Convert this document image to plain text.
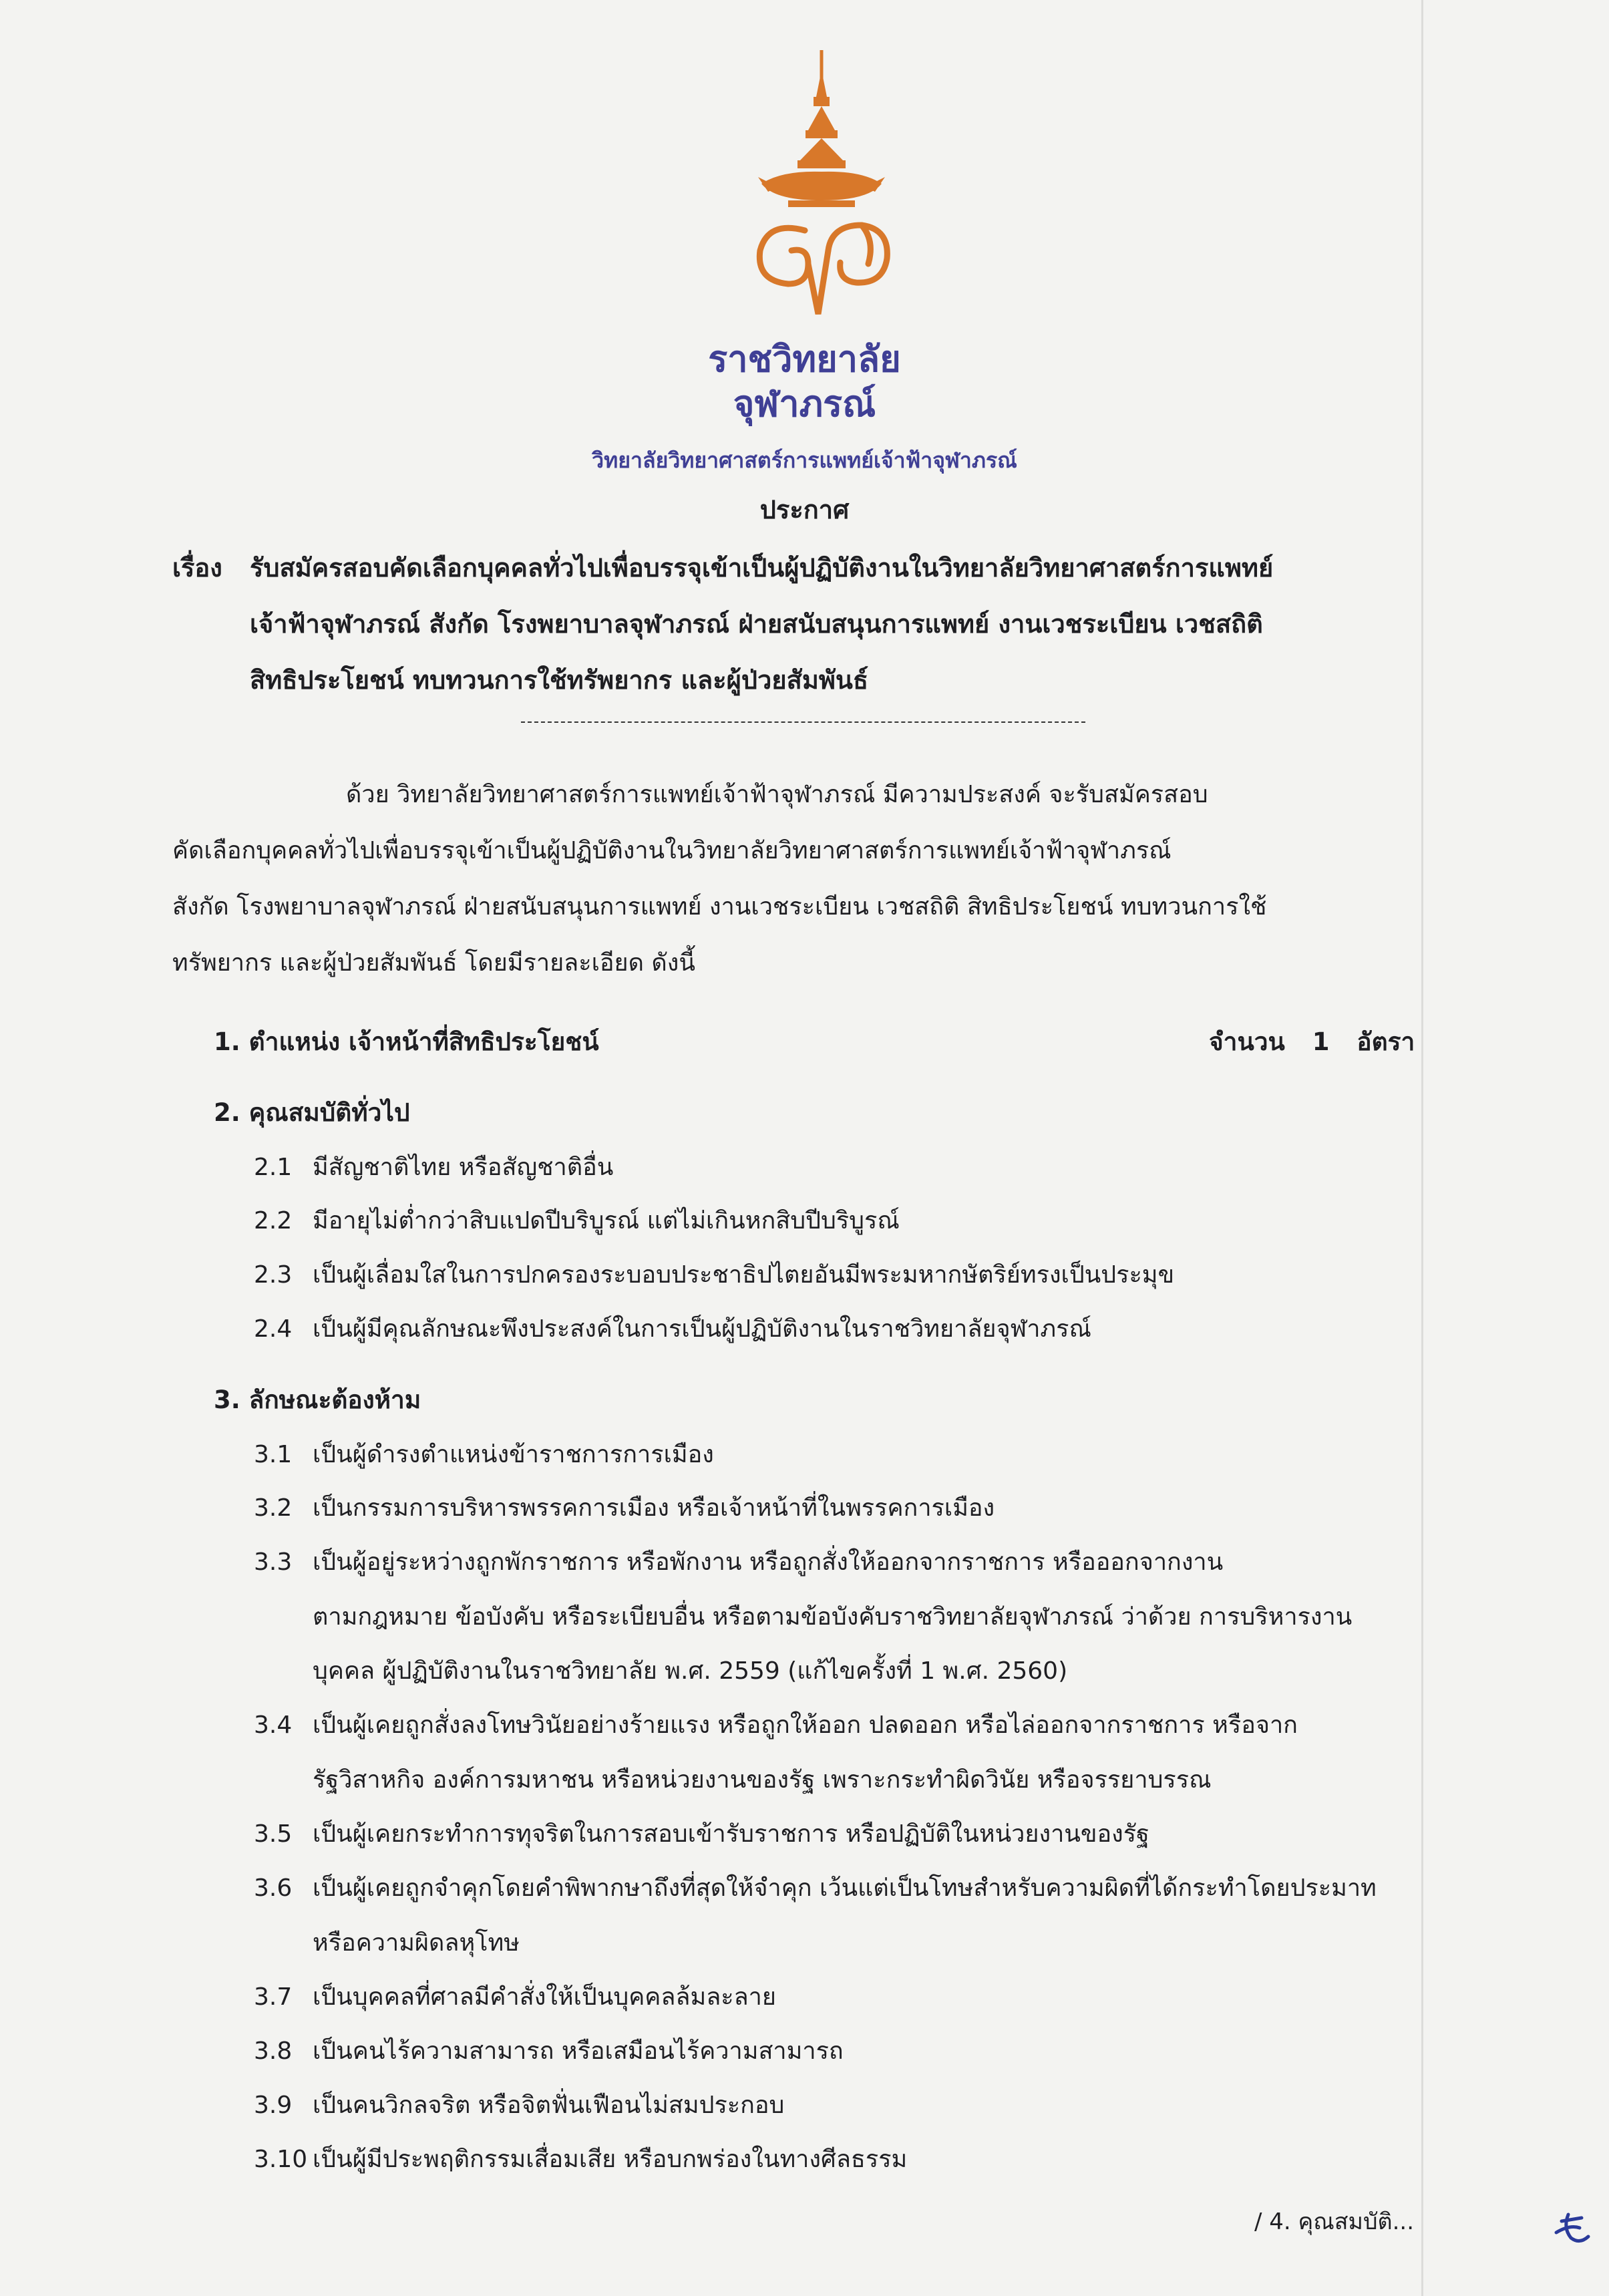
ราชวิทยาลัย
จุฬาภรณ์
วิทยาลัยวิทยาศาสตร์การแพทย์เจ้าฟ้าจุฬาภรณ์
ประกาศ
เรื่อง รับสมัครสอบคัดเลือกบุคคลทั่วไปเพื่อบรรจุเข้าเป็นผู้ปฏิบัติงานในวิทยาลัยวิทยาศาสตร์การแพทย์
เจ้าฟ้าจุฬาภรณ์ สังกัด โรงพยาบาลจุฬาภรณ์ ฝ่ายสนับสนุนการแพทย์ งานเวชระเบียน เวชสถิติ
สิทธิประโยชน์ ทบทวนการใช้ทรัพยากร และผู้ป่วยสัมพันธ์
ด้วย วิทยาลัยวิทยาศาสตร์การแพทย์เจ้าฟ้าจุฬาภรณ์ มีความประสงค์ จะรับสมัครสอบ
คัดเลือกบุคคลทั่วไปเพื่อบรรจุเข้าเป็นผู้ปฏิบัติงานในวิทยาลัยวิทยาศาสตร์การแพทย์เจ้าฟ้าจุฬาภรณ์
สังกัด โรงพยาบาลจุฬาภรณ์ ฝ่ายสนับสนุนการแพทย์ งานเวชระเบียน เวชสถิติ สิทธิประโยชน์ ทบทวนการใช้
ทรัพยากร และผู้ป่วยสัมพันธ์ โดยมีรายละเอียด ดังนี้
1. ตำแหน่ง เจ้าหน้าที่สิทธิประโยชน์	จำนวน 1 อัตรา
2. คุณสมบัติทั่วไป
2.1 มีสัญชาติไทย หรือสัญชาติอื่น
2.2 มีอายุไม่ต่ำกว่าสิบแปดปีบริบูรณ์ แต่ไม่เกินหกสิบปีบริบูรณ์
2.3 เป็นผู้เลื่อมใสในการปกครองระบอบประชาธิปไตยอันมีพระมหากษัตริย์ทรงเป็นประมุข
2.4 เป็นผู้มีคุณลักษณะพึงประสงค์ในการเป็นผู้ปฏิบัติงานในราชวิทยาลัยจุฬาภรณ์
3. ลักษณะต้องห้าม
3.1 เป็นผู้ดำรงตำแหน่งข้าราชการการเมือง
3.2 เป็นกรรมการบริหารพรรคการเมือง หรือเจ้าหน้าที่ในพรรคการเมือง
3.3 เป็นผู้อยู่ระหว่างถูกพักราชการ หรือพักงาน หรือถูกสั่งให้ออกจากราชการ หรือออกจากงาน
ตามกฎหมาย ข้อบังคับ หรือระเบียบอื่น หรือตามข้อบังคับราชวิทยาลัยจุฬาภรณ์ ว่าด้วย การบริหารงาน
บุคคล ผู้ปฏิบัติงานในราชวิทยาลัย พ.ศ. 2559 (แก้ไขครั้งที่ 1 พ.ศ. 2560)
3.4 เป็นผู้เคยถูกสั่งลงโทษวินัยอย่างร้ายแรง หรือถูกให้ออก ปลดออก หรือไล่ออกจากราชการ หรือจาก
รัฐวิสาหกิจ องค์การมหาชน หรือหน่วยงานของรัฐ เพราะกระทำผิดวินัย หรือจรรยาบรรณ
3.5 เป็นผู้เคยกระทำการทุจริตในการสอบเข้ารับราชการ หรือปฏิบัติในหน่วยงานของรัฐ
3.6 เป็นผู้เคยถูกจำคุกโดยคำพิพากษาถึงที่สุดให้จำคุก เว้นแต่เป็นโทษสำหรับความผิดที่ได้กระทำโดยประมาท
หรือความผิดลหุโทษ
3.7 เป็นบุคคลที่ศาลมีคำสั่งให้เป็นบุคคลล้มละลาย
3.8 เป็นคนไร้ความสามารถ หรือเสมือนไร้ความสามารถ
3.9 เป็นคนวิกลจริต หรือจิตฟั่นเฟือนไม่สมประกอบ
3.10 เป็นผู้มีประพฤติกรรมเสื่อมเสีย หรือบกพร่องในทางศีลธรรม
/ 4. คุณสมบัติ...
